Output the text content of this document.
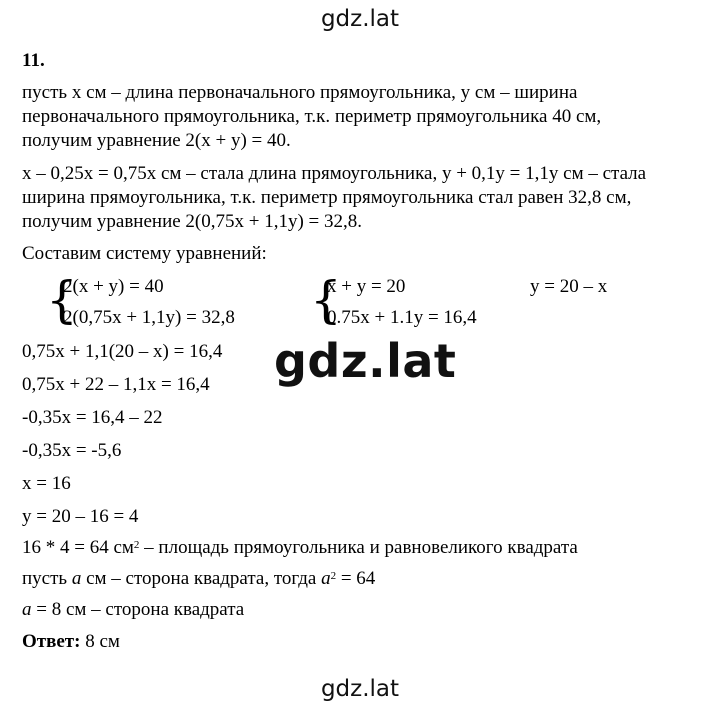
gdz.lat
11.
пусть x см – длина первоначального прямоугольника, у см – ширина
первоначального прямоугольника, т.к. периметр прямоугольника 40 см,
получим уравнение 2(x + y) = 40.
x – 0,25x = 0,75x см – стала длина прямоугольника, у + 0,1у = 1,1у см – стала
ширина прямоугольника, т.к. периметр прямоугольника стал равен 32,8 см,
получим уравнение 2(0,75x + 1,1y) = 32,8.
Составим систему уравнений:
{
2(x + y) = 40
2(0,75x + 1,1y) = 32,8 {
x + y = 20
0.75x + 1.1y = 16,4
y = 20 – x
0,75x + 1,1(20 – x) = 16,4
0,75x + 22 – 1,1x = 16,4
-0,35x = 16,4 – 22
-0,35x = -5,6
x = 16
y = 20 – 16 = 4
16 * 4 = 64 $см^2$ – площадь прямоугольника и равновеликого квадрата
пусть a см – сторона квадрата, тогда $a^2 = 64$
a = 8 см – сторона квадрата
Ответ: 8 см
gdz.lat
gdz.lat
